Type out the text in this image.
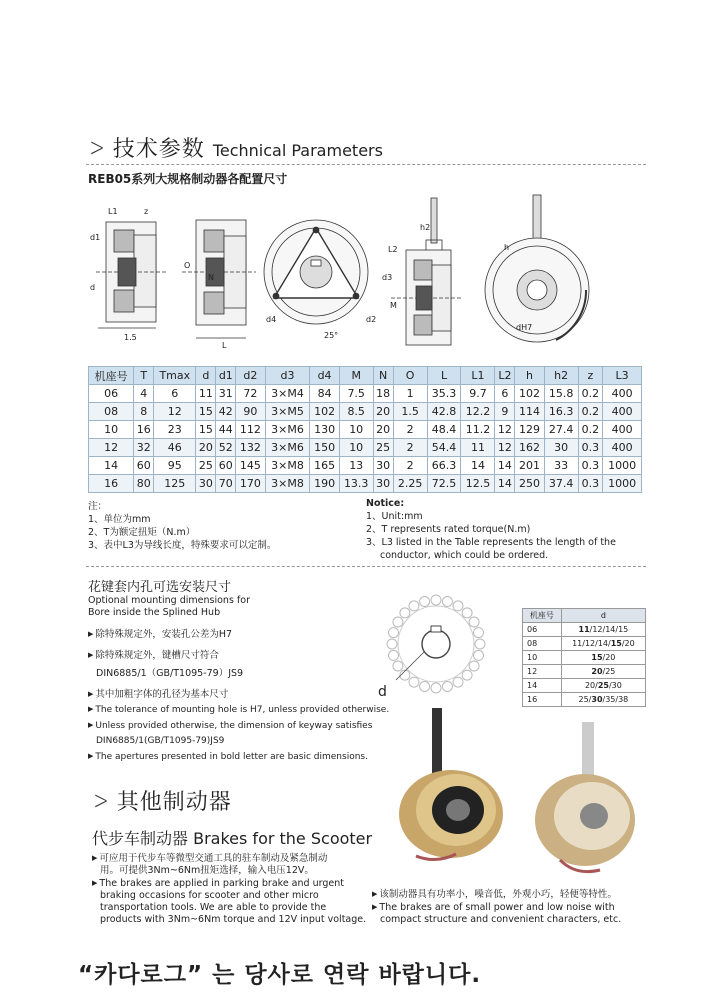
> 技术参数 Technical Parameters
REB05系列大规格制动器各配置尺寸
L1	z
d1
d
L
O
N
1.5
d2
d4
25°
d3
M
L2
h2
h
dH7
机座号	T	Tmax	d	d1	d2	d3	d4	M	N	O	L	L1	L2	h	h2	z	L3
06	4	6	11	31	72	3×M4	84	7.5	18	1	35.3	9.7	6	102	15.8	0.2	400
08	8	12	15	42	90	3×M5	102	8.5	20	1.5	42.8	12.2	9	114	16.3	0.2	400
10	16	23	15	44	112	3×M6	130	10	20	2	48.4	11.2	12	129	27.4	0.2	400
12	32	46	20	52	132	3×M6	150	10	25	2	54.4	11	12	162	30	0.3	400
14	60	95	25	60	145	3×M8	165	13	30	2	66.3	14	14	201	33	0.3	1000
16	80	125	30	70	170	3×M8	190	13.3	30	2.25	72.5	12.5	14	250	37.4	0.3	1000
注：
1、单位为mm
2、T为额定扭矩（N.m）
3、表中L3为导线长度，特殊要求可以定制。
Notice:
1、Unit:mm
2、T represents rated torque(N.m)
3、L3 listed in the Table represents the length of the
conductor, which could be ordered.
花键套内孔可选安装尺寸
Optional mounting dimensions for
Bore inside the Splined Hub
▶ 除特殊规定外，安装孔公差为H7
▶ 除特殊规定外，键槽尺寸符合
DIN6885/1（GB/T1095-79）JS9
▶ 其中加粗字体的孔径为基本尺寸
▶ The tolerance of mounting hole is H7, unless provided otherwise.
▶ Unless provided otherwise, the dimension of keyway satisfies
DIN6885/1(GB/T1095-79)JS9
▶ The apertures presented in bold letter are basic dimensions.
d
机座号	d
06	11/12/14/15
08	11/12/14/15/20
10	15/20
12	20/25
14	20/25/30
16	25/30/35/38
> 其他制动器
代步车制动器 Brakes for the Scooter
▶ 可应用于代步车等微型交通工具的驻车制动及紧急制动
用。可提供3Nm~6Nm扭矩选择，输入电压12V。
▶ The brakes are applied in parking brake and urgent
braking occasions for scooter and other micro
transportation tools. We are able to provide the
products with 3Nm~6Nm torque and 12V input voltage.
▶ 该制动器具有功率小，噪音低，外观小巧，轻便等特性。
▶ The brakes are of small power and low noise with
compact structure and convenient characters, etc.
“카다로그” 는 당사로 연락 바랍니다.
